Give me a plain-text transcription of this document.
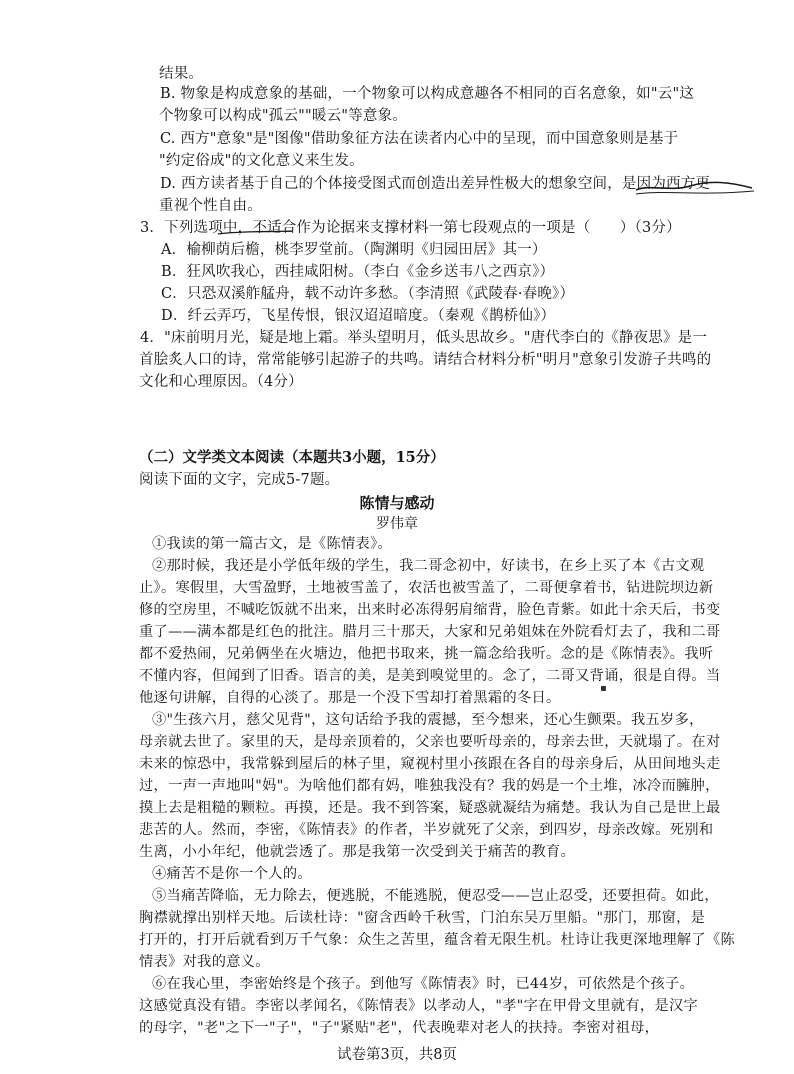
结果。
B. 物象是构成意象的基础，一个物象可以构成意趣各不相同的百名意象，如"云"这
个物象可以构成"孤云""暖云"等意象。
C. 西方"意象"是"图像"借助象征方法在读者内心中的呈现，而中国意象则是基于
"约定俗成"的文化意义来生发。
D. 西方读者基于自己的个体接受图式而创造出差异性极大的想象空间，是因为西方更
重视个性自由。
3．下列选项中，不适合作为论据来支撑材料一第七段观点的一项是（　　）（3分）
A．榆柳荫后檐，桃李罗堂前。（陶渊明《归园田居》其一）
B．狂风吹我心，西挂咸阳树。（李白《金乡送韦八之西京》）
C．只恐双溪舴艋舟，载不动许多愁。（李清照《武陵春·春晚》）
D．纤云弄巧，飞星传恨，银汉迢迢暗度。（秦观《鹊桥仙》）
4．"床前明月光，疑是地上霜。举头望明月，低头思故乡。"唐代李白的《静夜思》是一
首脍炙人口的诗，常常能够引起游子的共鸣。请结合材料分析"明月"意象引发游子共鸣的
文化和心理原因。（4分）
（二）文学类文本阅读（本题共3小题，15分）
阅读下面的文字，完成5-7题。
陈情与感动
罗伟章
①我读的第一篇古文，是《陈情表》。
②那时候，我还是小学低年级的学生，我二哥念初中，好读书，在乡上买了本《古文观
止》。寒假里，大雪盈野，土地被雪盖了，农活也被雪盖了，二哥便拿着书，钻进院坝边新
修的空房里，不喊吃饭就不出来，出来时必冻得躬肩缩背，脸色青紫。如此十余天后，书变
重了——满本都是红色的批注。腊月三十那天，大家和兄弟姐妹在外院看灯去了，我和二哥
都不爱热闹，兄弟俩坐在火塘边，他把书取来，挑一篇念给我听。念的是《陈情表》。我听
不懂内容，但闻到了旧香。语言的美，是美到嗅觉里的。念了，二哥又背诵，很是自得。当
他逐句讲解，自得的心淡了。那是一个没下雪却打着黑霜的冬日。
▪
③"生孩六月，慈父见背"，这句话给予我的震撼，至今想来，还心生颤栗。我五岁多，
母亲就去世了。家里的天，是母亲顶着的，父亲也要听母亲的，母亲去世，天就塌了。在对
未来的惊恐中，我常躲到屋后的林子里，窥视村里小孩跟在各自的母亲身后，从田间地头走
过，一声一声地叫"妈"。为啥他们都有妈，唯独我没有？我的妈是一个土堆，冰冷而臃肿，
摸上去是粗糙的颗粒。再摸，还是。我不到答案，疑惑就凝结为痛楚。我认为自己是世上最
悲苦的人。然而，李密，《陈情表》的作者，半岁就死了父亲，到四岁，母亲改嫁。死别和
生离，小小年纪，他就尝透了。那是我第一次受到关于痛苦的教育。
④痛苦不是你一个人的。
⑤当痛苦降临，无力除去，便逃脱，不能逃脱，便忍受——岂止忍受，还要担荷。如此，
胸襟就撑出别样天地。后读杜诗："窗含西岭千秋雪，门泊东吴万里船。"那门，那窗，是
打开的，打开后就看到万千气象：众生之苦里，蕴含着无限生机。杜诗让我更深地理解了《陈
情表》对我的意义。
⑥在我心里，李密始终是个孩子。到他写《陈情表》时，已44岁，可依然是个孩子。
这感觉真没有错。李密以孝闻名，《陈情表》以孝动人，"孝"字在甲骨文里就有，是汉字
的母字，"老"之下一"子"，"子"紧贴"老"，代表晚辈对老人的扶持。李密对祖母，
试卷第3页，共8页
